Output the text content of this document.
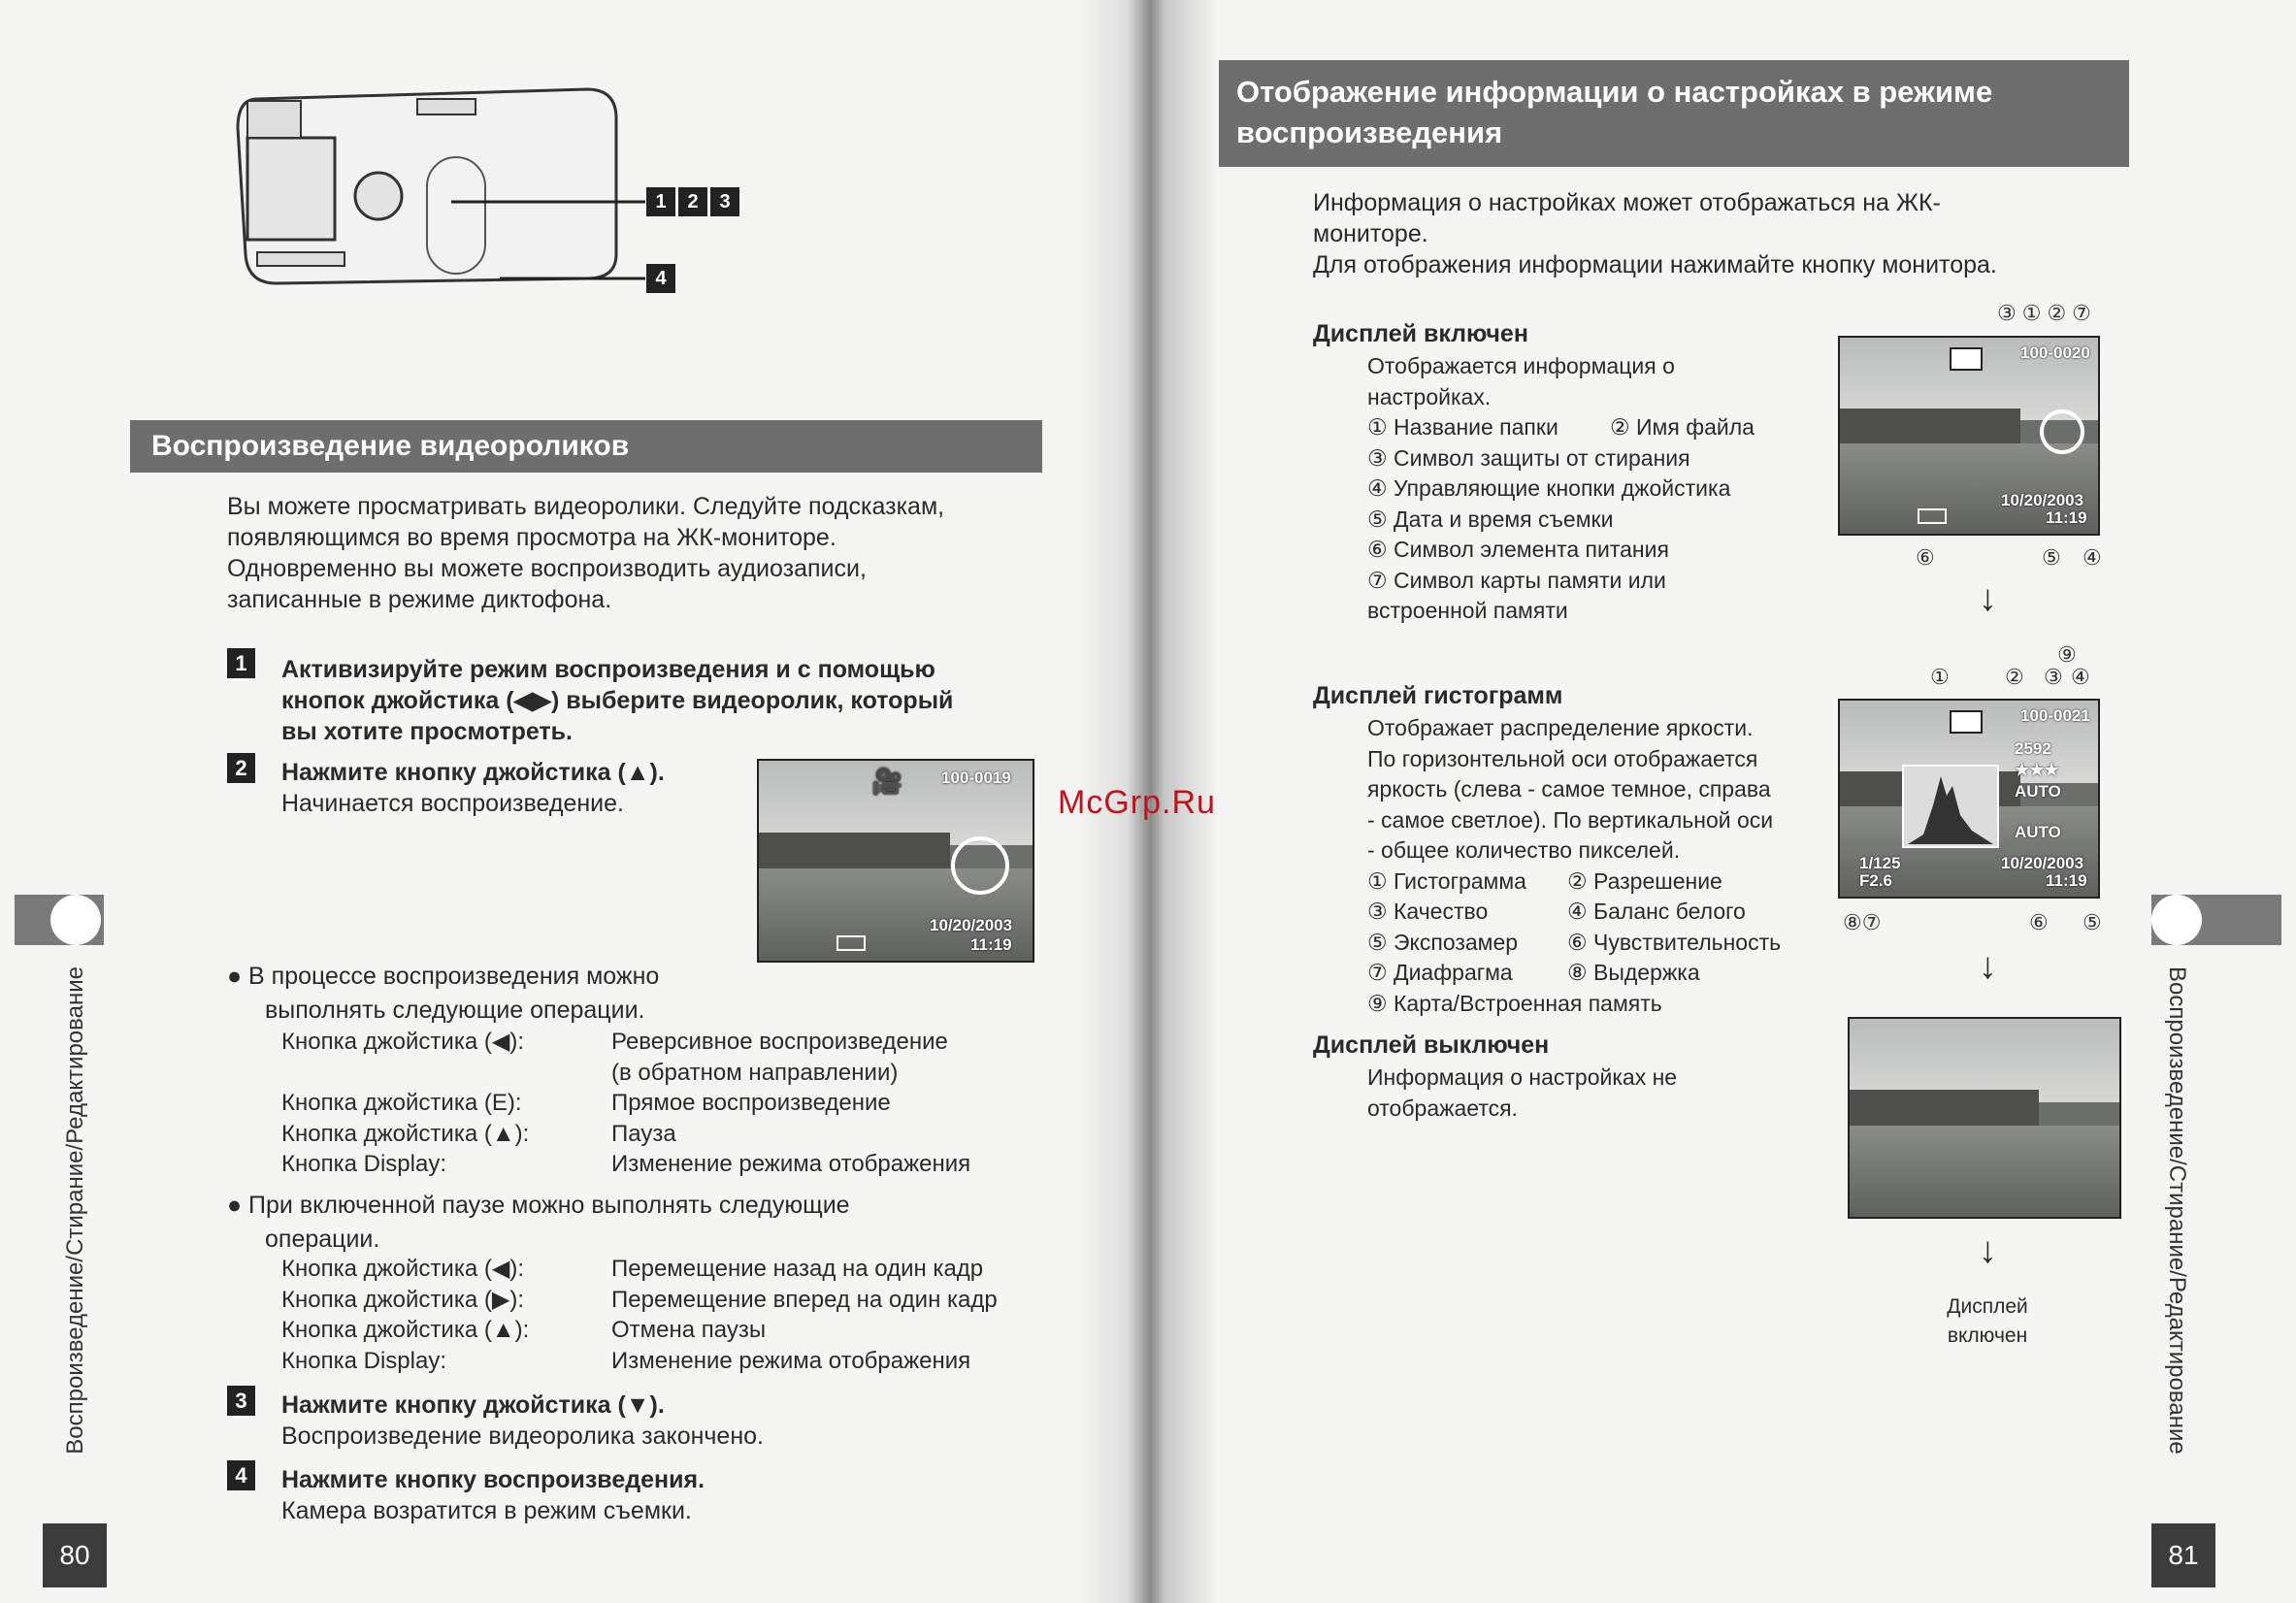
1	2	3
4
Воспроизведение видеороликов
Вы можете просматривать видеоролики. Следуйте подсказкам,
появляющимся во время просмотра на ЖК-мониторе.
Одновременно вы можете воспроизводить аудиозаписи,
записанные в режиме диктофона.
1	Активизируйте режим воспроизведения и с помощью
кнопок джойстика (◀▶) выберите видеоролик, который
вы хотите просмотреть.
2	Нажмите кнопку джойстика (▲).
Начинается воспроизведение.
🎥 100-0019
10/20/2003
11:19
● В процессе воспроизведения можно
выполнять следующие операции.
Кнопка джойстика (◀):	Реверсивное воспроизведение
(в обратном направлении)
Кнопка джойстика (E):	Прямое воспроизведение
Кнопка джойстика (▲):	Пауза
Кнопка Display:	Изменение режима отображения
● При включенной паузе можно выполнять следующие
операции.
Кнопка джойстика (◀):	Перемещение назад на один кадр
Кнопка джойстика (▶):	Перемещение вперед на один кадр
Кнопка джойстика (▲):	Отмена паузы
Кнопка Display:	Изменение режима отображения
3	Нажмите кнопку джойстика (▼).
Воспроизведение видеоролика закончено.
4	Нажмите кнопку воспроизведения.
Камера возратится в режим съемки.
Воспроизведение/Стирание/Редактирование
80
Отображение информации о настройках в режиме
воспроизведения
Информация о настройках может отображаться на ЖК-
мониторе.
Для отображения информации нажимайте кнопку монитора.
Дисплей включен
Отображается информация о
настройках.
① Название папки ② Имя файла
③ Символ защиты от стирания
④ Управляющие кнопки джойстика
⑤ Дата и время съемки
⑥ Символ элемента питания
⑦ Символ карты памяти или
встроенной памяти
③①②⑦
100-0020
10/20/2003
11:19
⑥	⑤ ④
↓
Дисплей гистограмм
Отображает распределение яркости.
По горизонтельной оси отображается
яркость (слева - самое темное, справа
- самое светлое). По вертикальной оси
- общее количество пикселей.
① Гистограмма ② Разрешение
③ Качество	④ Баланс белого
⑤ Экспозамер ⑥ Чувствительность
⑦ Диафрагма ⑧ Выдержка
⑨ Карта/Встроенная память
①	② ③ ④
⑨
100-0021
2592
★★★
AUTO
AUTO
1/125
F2.6
10/20/2003
11:19
⑧⑦	⑥ ⑤
↓
Дисплей выключен
Информация о настройках не
отображается.
↓
Дисплей
включен	Воспроизведение/Стирание/Редактирование
81
McGrp.Ru
